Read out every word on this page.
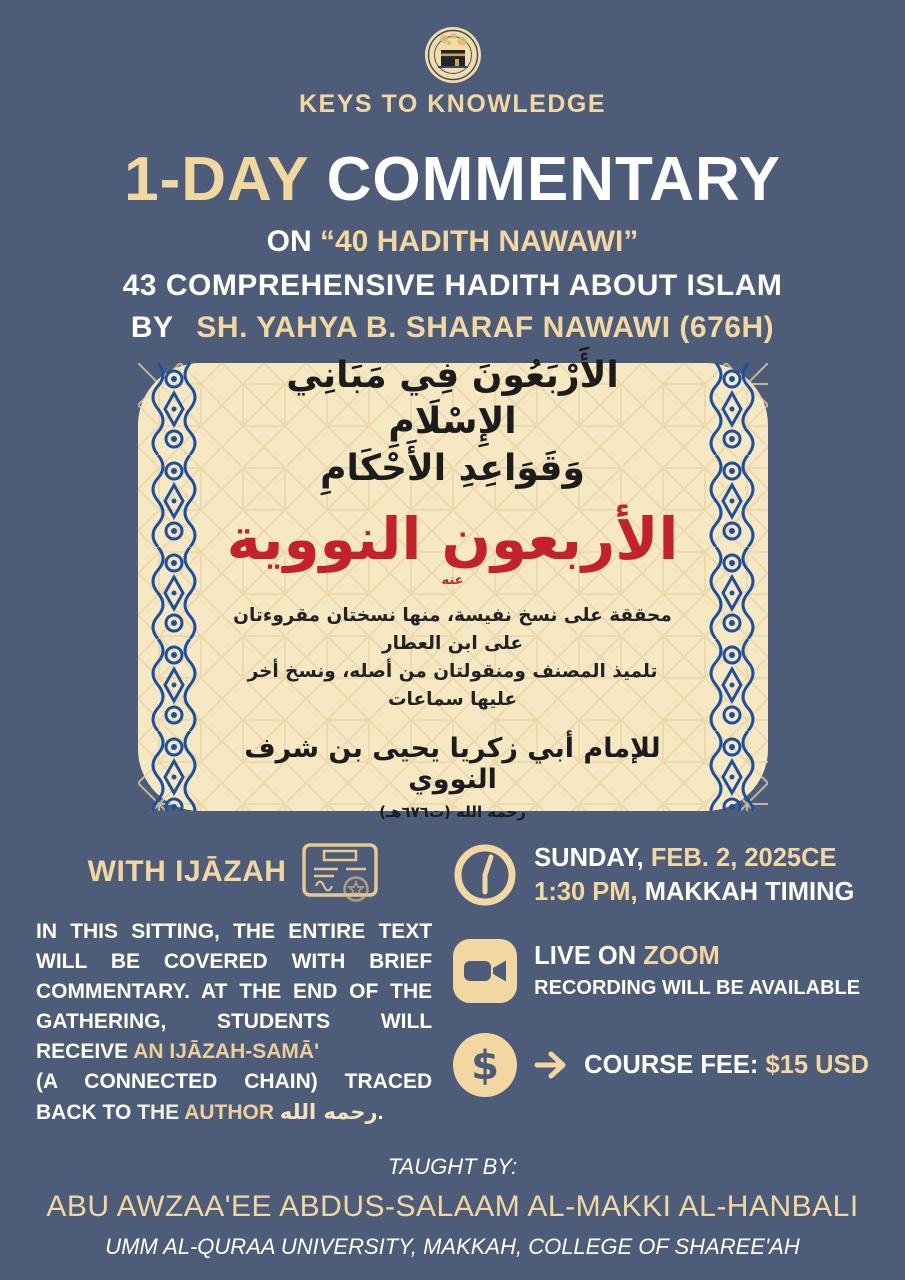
KEYS TO KNOWLEDGE
1-DAY COMMENTARY
ON “40 HADITH NAWAWI”
43 COMPREHENSIVE HADITH ABOUT ISLAM
BY SH. YAHYA B. SHARAF NAWAWI (676H)
الأَرْبَعُونَ فِي مَبَانِي الإِسْلَامِ
وَقَوَاعِدِ الأَحْكَامِ
الأربعون النووية
عنه
محققة على نسخ نفيسة، منها نسختان مقروءتان على ابن العطار
تلميذ المصنف ومنقولتان من أصله، ونسخ أخر عليها سماعات
للإمام أبي زكريا يحيى بن شرف النووي
رحمه الله (ت٦٧٦هـ)
WITH IJĀZAH
IN THIS SITTING, THE ENTIRE TEXT
WILL BE COVERED WITH BRIEF
COMMENTARY. AT THE END OF THE
GATHERING, STUDENTS WILL
RECEIVE AN IJĀZAH-SAMĀ'
(A CONNECTED CHAIN) TRACED
BACK TO THE AUTHOR رحمه الله.
SUNDAY, FEB. 2, 2025CE
1:30 PM, MAKKAH TIMING
LIVE ON ZOOM
RECORDING WILL BE AVAILABLE
$	COURSE FEE: $15 USD
TAUGHT BY:
ABU AWZAA'EE ABDUS-SALAAM AL-MAKKI AL-HANBALI
UMM AL-QURAA UNIVERSITY, MAKKAH, COLLEGE OF SHAREE'AH
